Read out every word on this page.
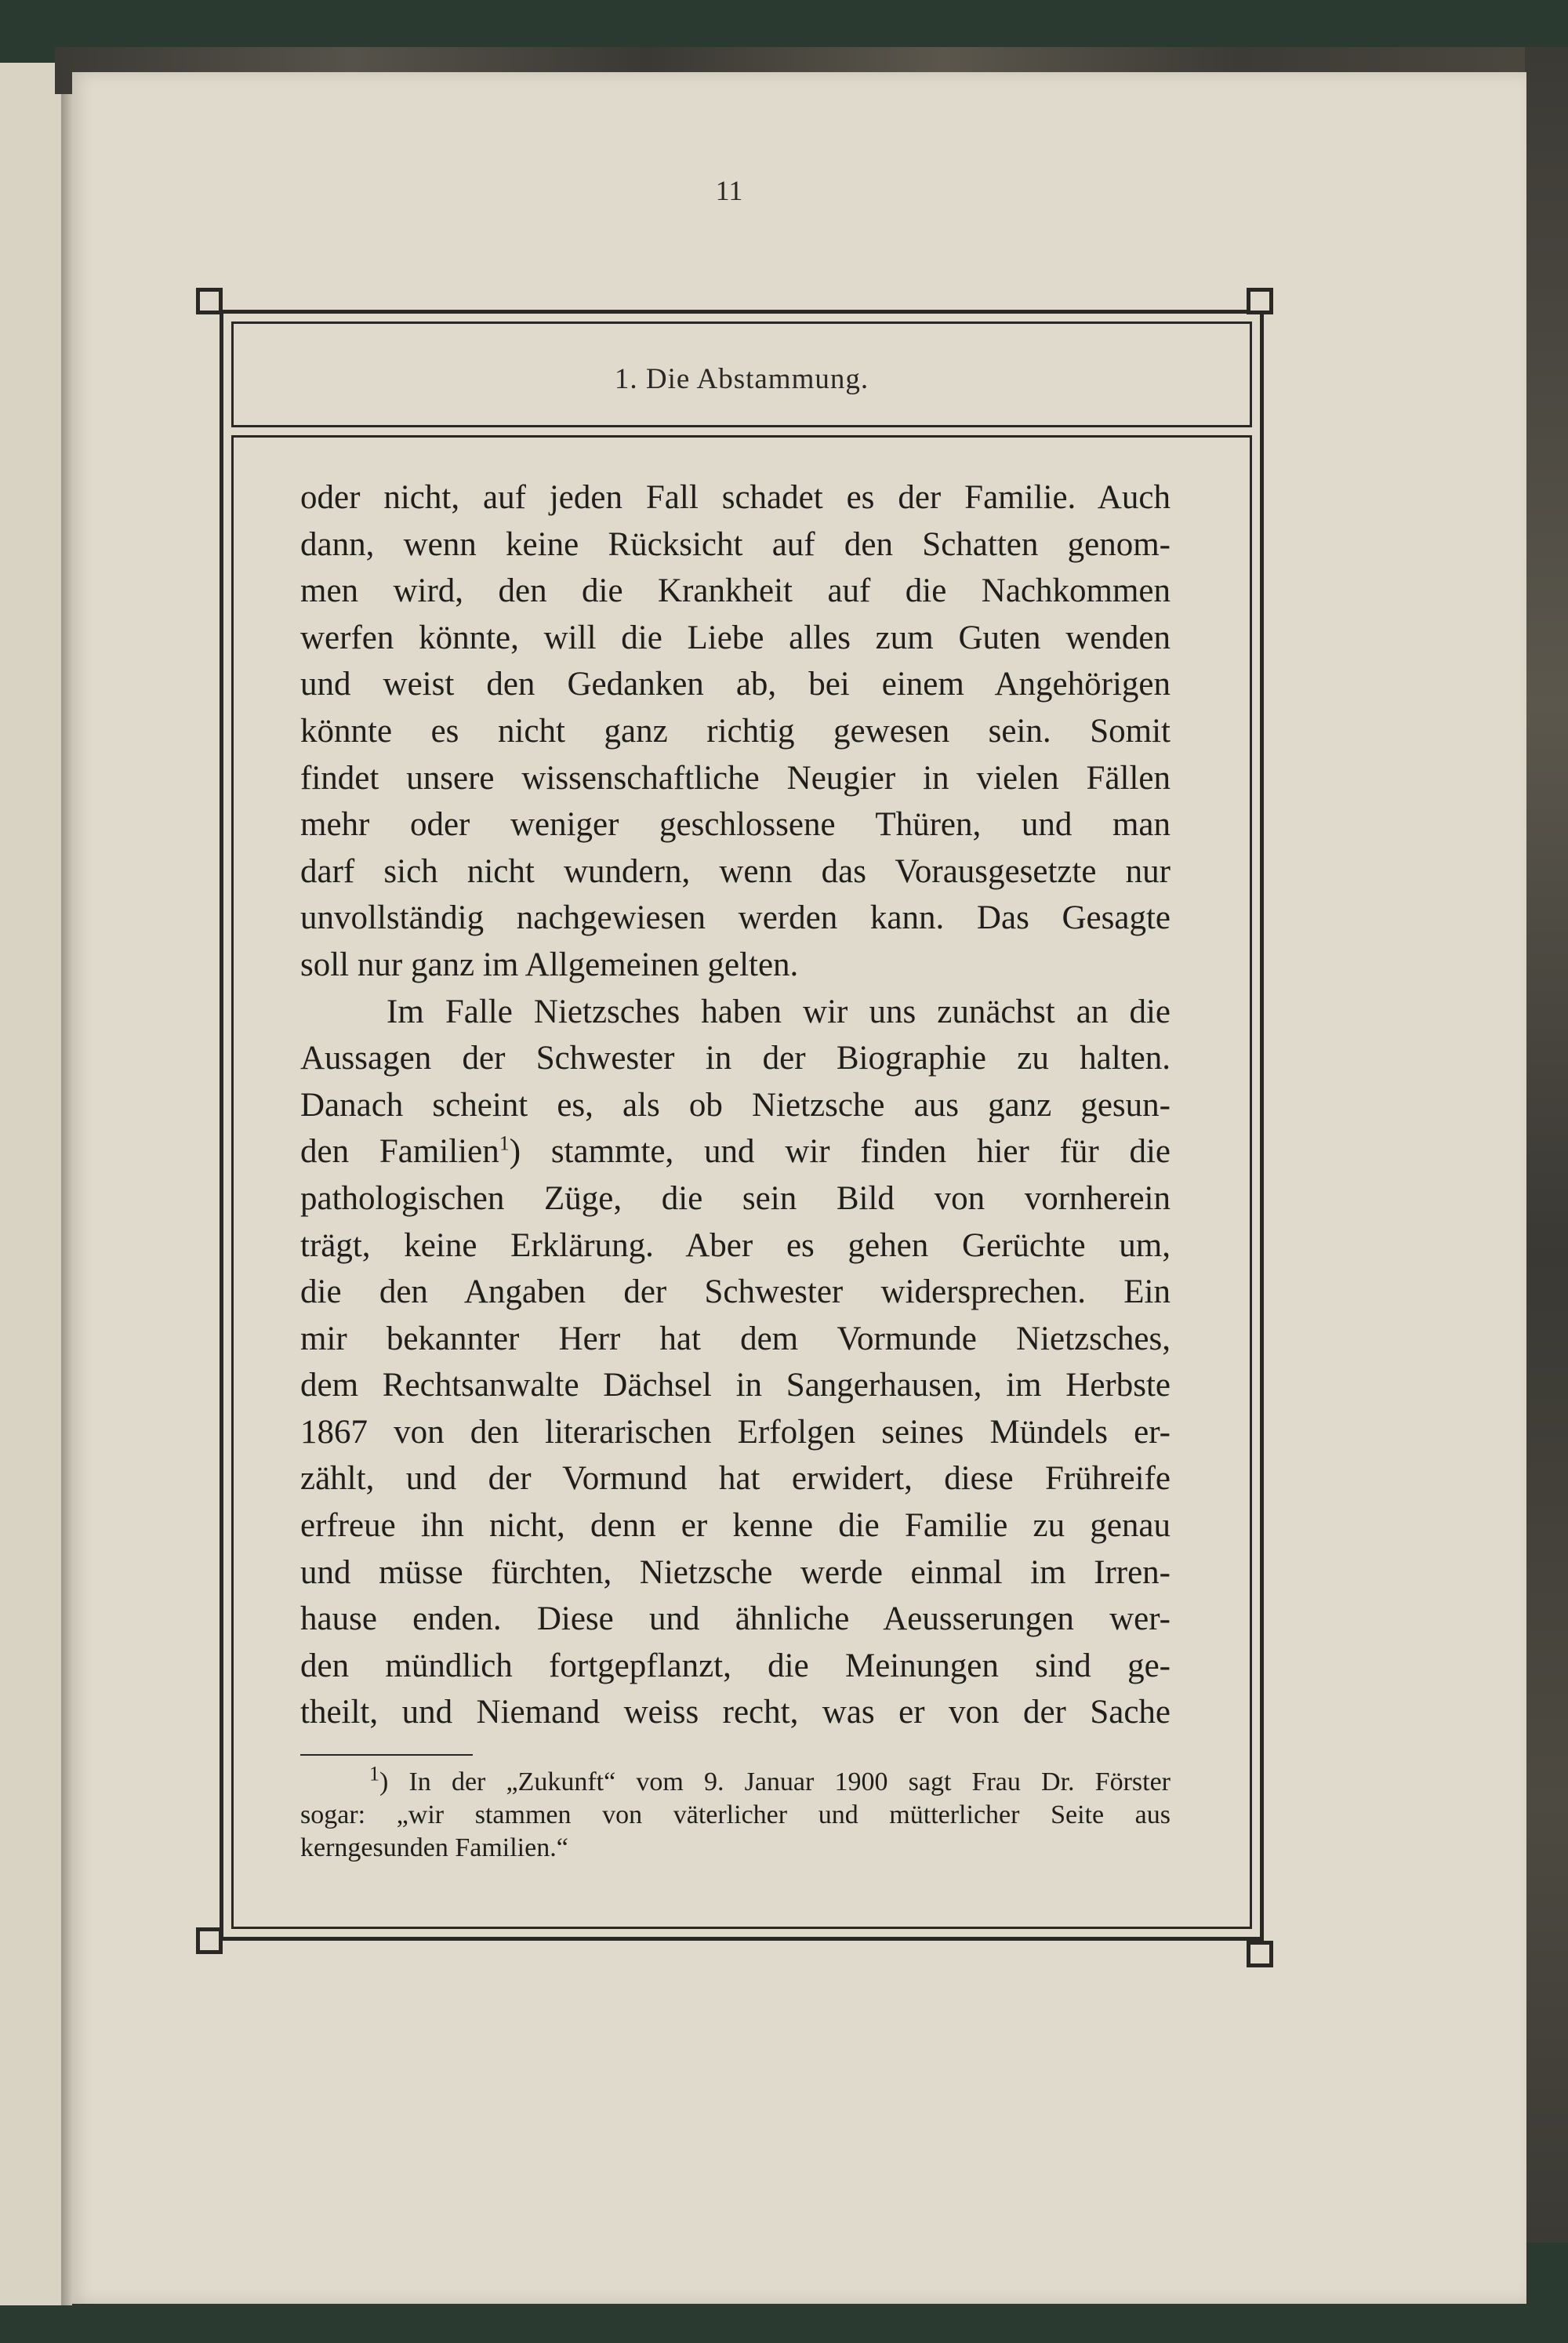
11
1. Die Abstammung.
oder nicht, auf jeden Fall schadet es der Familie. Auch
dann, wenn keine Rücksicht auf den Schatten genom-
men wird, den die Krankheit auf die Nachkommen
werfen könnte, will die Liebe alles zum Guten wenden
und weist den Gedanken ab, bei einem Angehörigen
könnte es nicht ganz richtig gewesen sein. Somit
findet unsere wissenschaftliche Neugier in vielen Fällen
mehr oder weniger geschlossene Thüren, und man
darf sich nicht wundern, wenn das Vorausgesetzte nur
unvollständig nachgewiesen werden kann. Das Gesagte
soll nur ganz im Allgemeinen gelten.
Im Falle Nietzsches haben wir uns zunächst an die
Aussagen der Schwester in der Biographie zu halten.
Danach scheint es, als ob Nietzsche aus ganz gesun-
den Familien$^1$) stammte, und wir finden hier für die
pathologischen Züge, die sein Bild von vornherein
trägt, keine Erklärung. Aber es gehen Gerüchte um,
die den Angaben der Schwester widersprechen. Ein
mir bekannter Herr hat dem Vormunde Nietzsches,
dem Rechtsanwalte Dächsel in Sangerhausen, im Herbste
1867 von den literarischen Erfolgen seines Mündels er-
zählt, und der Vormund hat erwidert, diese Frühreife
erfreue ihn nicht, denn er kenne die Familie zu genau
und müsse fürchten, Nietzsche werde einmal im Irren-
hause enden. Diese und ähnliche Aeusserungen wer-
den mündlich fortgepflanzt, die Meinungen sind ge-
theilt, und Niemand weiss recht, was er von der Sache
$^1$) In der „Zukunft“ vom 9. Januar 1900 sagt Frau Dr. Förster
sogar: „wir stammen von väterlicher und mütterlicher Seite aus
kerngesunden Familien.“
